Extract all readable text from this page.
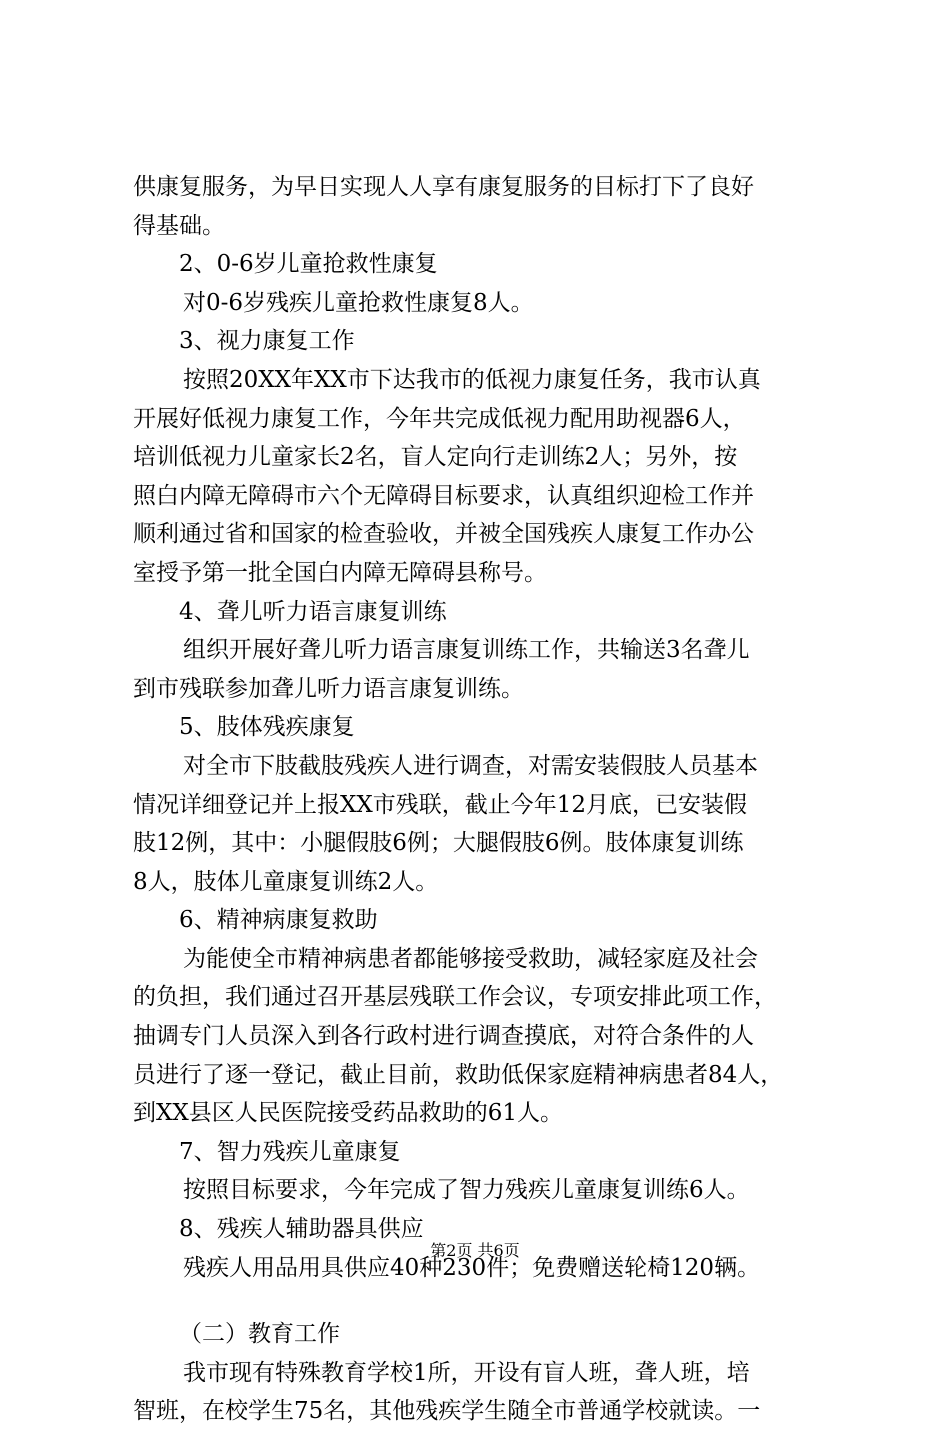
供康复服务，为早日实现人人享有康复服务的目标打下了良好
得基础。
2、0-6岁儿童抢救性康复
对0-6岁残疾儿童抢救性康复8人。
3、视力康复工作
按照20XX年XX市下达我市的低视力康复任务，我市认真
开展好低视力康复工作，今年共完成低视力配用助视器6人，
培训低视力儿童家长2名，盲人定向行走训练2人；另外，按
照白内障无障碍市六个无障碍目标要求，认真组织迎检工作并
顺利通过省和国家的检查验收，并被全国残疾人康复工作办公
室授予第一批全国白内障无障碍县称号。
4、聋儿听力语言康复训练
组织开展好聋儿听力语言康复训练工作，共输送3名聋儿
到市残联参加聋儿听力语言康复训练。
5、肢体残疾康复
对全市下肢截肢残疾人进行调查，对需安装假肢人员基本
情况详细登记并上报XX市残联，截止今年12月底，已安装假
肢12例，其中：小腿假肢6例；大腿假肢6例。肢体康复训练
8人，肢体儿童康复训练2人。
6、精神病康复救助
为能使全市精神病患者都能够接受救助，减轻家庭及社会
的负担，我们通过召开基层残联工作会议，专项安排此项工作，
抽调专门人员深入到各行政村进行调查摸底，对符合条件的人
员进行了逐一登记，截止目前，救助低保家庭精神病患者84人，
到XX县区人民医院接受药品救助的61人。
7、智力残疾儿童康复
按照目标要求，今年完成了智力残疾儿童康复训练6人。
8、残疾人辅助器具供应
残疾人用品用具供应40种230件；免费赠送轮椅120辆。
（二）教育工作
我市现有特殊教育学校1所，开设有盲人班，聋人班，培
智班，在校学生75名，其他残疾学生随全市普通学校就读。一
第2页 共6页
